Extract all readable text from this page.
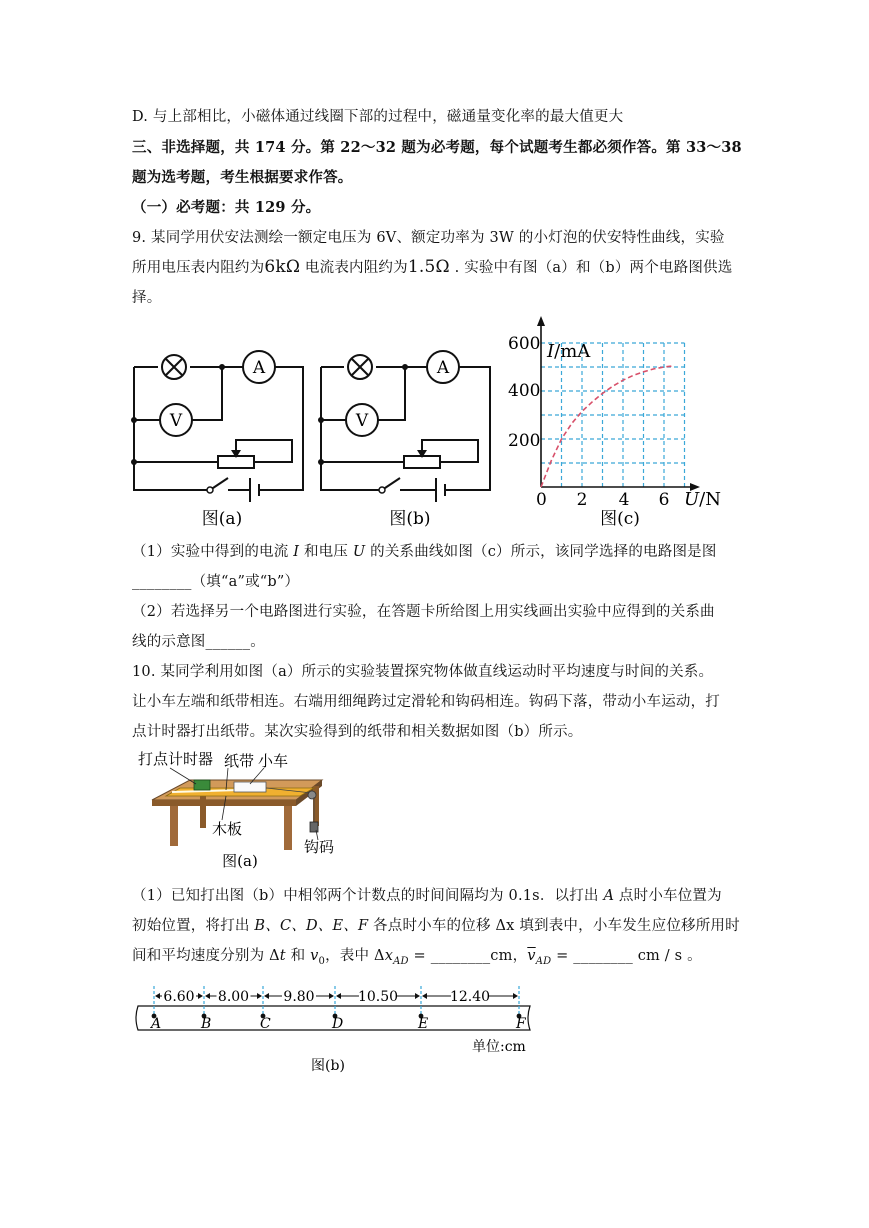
D. 与上部相比，小磁体通过线圈下部的过程中，磁通量变化率的最大值更大
三、非选择题，共 174 分。第 22～32 题为必考题，每个试题考生都必须作答。第 33～38
题为选考题，考生根据要求作答。
（一）必考题：共 129 分。
9. 某同学用伏安法测绘一额定电压为 6V、额定功率为 3W 的小灯泡的伏安特性曲线，实验
所用电压表内阻约为6kΩ 电流表内阻约为1.5Ω . 实验中有图（a）和（b）两个电路图供选
择。
A
V
图(a)
A
V
图(b)
0
I/mA
U/N
600
400
200
2 4 6
图(c)
打点计时器 纸带 小车
木板
钩码
图(a)
A	B	C	D	E	F
6.60 8.00 9.80	10.50	12.40
单位:cm
图(b)
（1）实验中得到的电流 I 和电压 U 的关系曲线如图（c）所示，该同学选择的电路图是图
________（填“a”或“b”）
（2）若选择另一个电路图进行实验，在答题卡所给图上用实线画出实验中应得到的关系曲
线的示意图______。
10. 某同学利用如图（a）所示的实验装置探究物体做直线运动时平均速度与时间的关系。
让小车左端和纸带相连。右端用细绳跨过定滑轮和钩码相连。钩码下落，带动小车运动，打
点计时器打出纸带。某次实验得到的纸带和相关数据如图（b）所示。
（1）已知打出图（b）中相邻两个计数点的时间间隔均为 0.1s．以打出 A 点时小车位置为
初始位置，将打出 B、C、D、E、F 各点时小车的位移 Δx 填到表中，小车发生应位移所用时
间和平均速度分别为 Δt 和 $v_0$，表中 $\Delta x_{AD}$ = ________cm，$\overline{v}_{AD}$ = ________ cm / s 。
